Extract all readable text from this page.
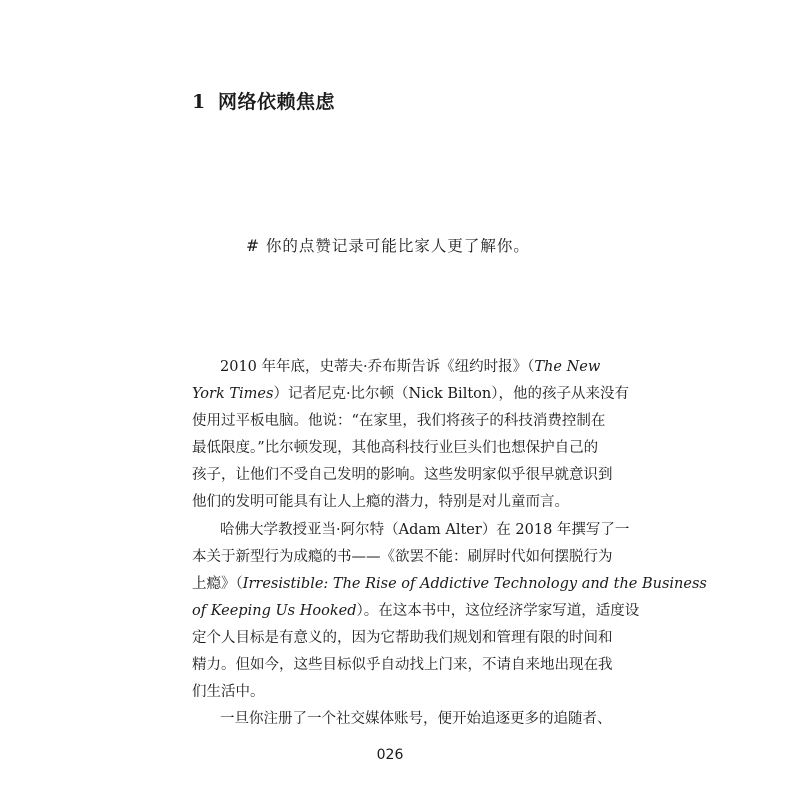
1 网络依赖焦虑

# 你的点赞记录可能比家人更了解你。

2010 年年底，史蒂夫·乔布斯告诉《纽约时报》（The New
York Times）记者尼克·比尔顿（Nick Bilton），他的孩子从来没有
使用过平板电脑。他说：“在家里，我们将孩子的科技消费控制在
最低限度。”比尔顿发现，其他高科技行业巨头们也想保护自己的
孩子，让他们不受自己发明的影响。这些发明家似乎很早就意识到
他们的发明可能具有让人上瘾的潜力，特别是对儿童而言。
哈佛大学教授亚当·阿尔特（Adam Alter）在 2018 年撰写了一
本关于新型行为成瘾的书——《欲罢不能：刷屏时代如何摆脱行为
上瘾》（Irresistible: The Rise of Addictive Technology and the Business
of Keeping Us Hooked）。在这本书中，这位经济学家写道，适度设
定个人目标是有意义的，因为它帮助我们规划和管理有限的时间和
精力。但如今，这些目标似乎自动找上门来，不请自来地出现在我
们生活中。
一旦你注册了一个社交媒体账号，便开始追逐更多的追随者、
026
